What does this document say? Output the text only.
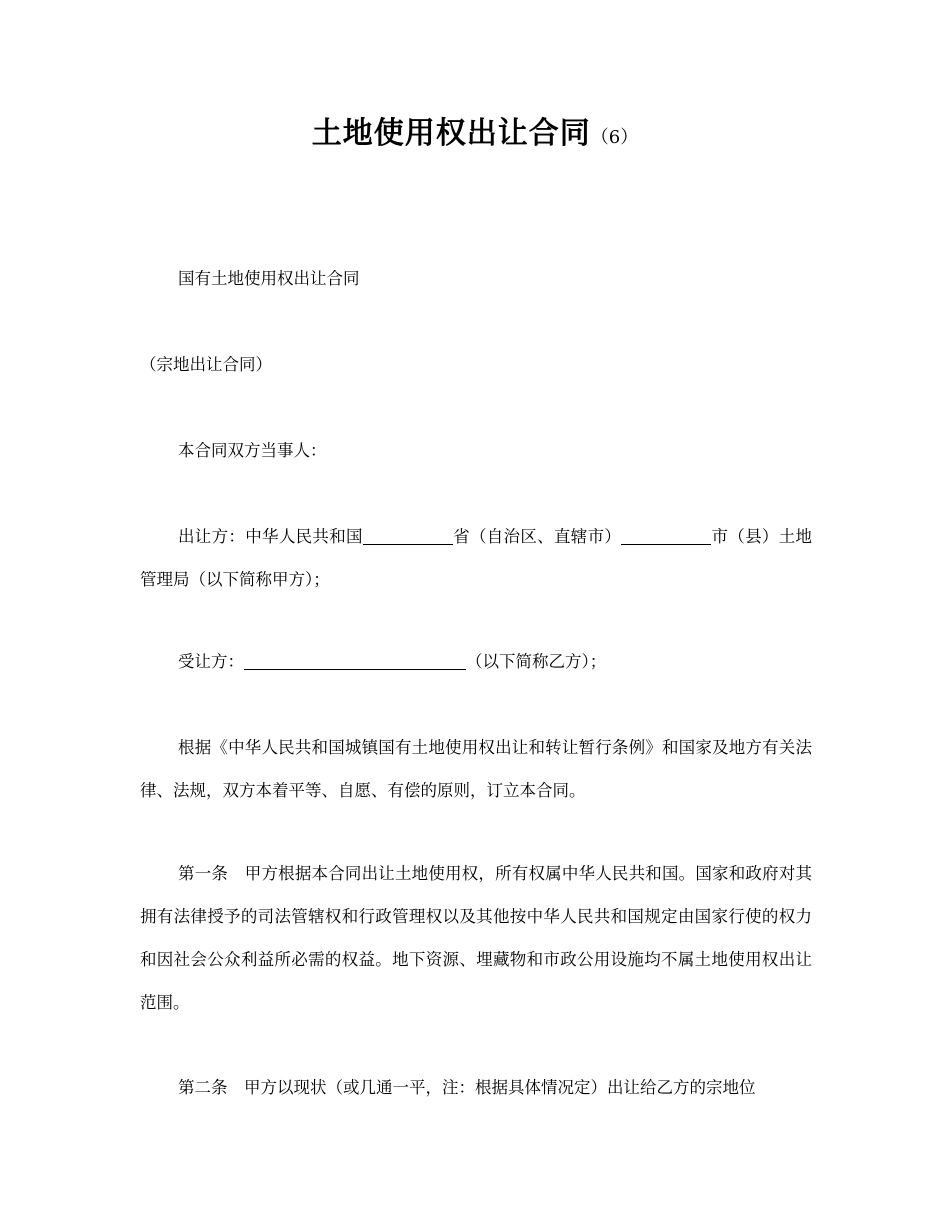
土地使用权出让合同（6）

国有土地使用权出让合同

（宗地出让合同）

本合同双方当事人：

出让方：中华人民共和国	省（自治区、直辖市）	市（县）土地管理局（以下简称甲方）；

受让方：	（以下简称乙方）；

根据《中华人民共和国城镇国有土地使用权出让和转让暂行条例》和国家及地方有关法律、法规，双方本着平等、自愿、有偿的原则，订立本合同。

第一条　甲方根据本合同出让土地使用权，所有权属中华人民共和国。国家和政府对其拥有法律授予的司法管辖权和行政管理权以及其他按中华人民共和国规定由国家行使的权力和因社会公众利益所必需的权益。地下资源、埋藏物和市政公用设施均不属土地使用权出让范围。

第二条　甲方以现状（或几通一平，注：根据具体情况定）出让给乙方的宗地位
